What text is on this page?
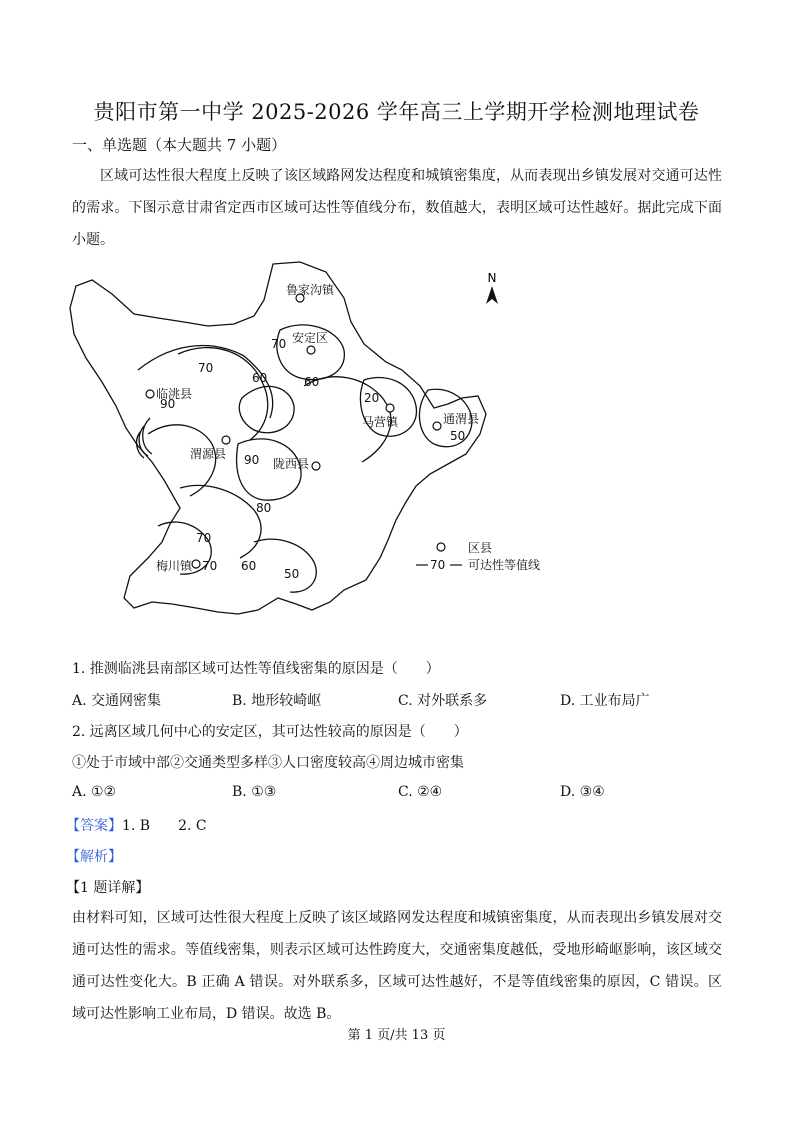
贵阳市第一中学 2025-2026 学年高三上学期开学检测地理试卷
一、单选题（本大题共 7 小题）
区域可达性很大程度上反映了该区域路网发达程度和城镇密集度，从而表现出乡镇发展对交通可达性的需求。下图示意甘肃省定西市区域可达性等值线分布，数值越大，表明区域可达性越好。据此完成下面小题。
N
鲁家沟镇
安定区
临洮县
渭源县
陇西县
马营镇	通渭县
梅川镇
70
70
60	60
90
90
20
50
80
70
70 60
50
区县
70 可达性等值线
1. 推测临洮县南部区域可达性等值线密集的原因是（　　）
A. 交通网密集	B. 地形较崎岖	C. 对外联系多	D. 工业布局广
2. 远离区域几何中心的安定区，其可达性较高的原因是（　　）
①处于市域中部②交通类型多样③人口密度较高④周边城市密集
A. ①②	B. ①③	C. ②④	D. ③④
【答案】1. B　　2. C
【解析】
【1 题详解】
由材料可知，区域可达性很大程度上反映了该区域路网发达程度和城镇密集度，从而表现出乡镇发展对交通可达性的需求。等值线密集，则表示区域可达性跨度大，交通密集度越低，受地形崎岖影响，该区域交通可达性变化大。B 正确 A 错误。对外联系多，区域可达性越好，不是等值线密集的原因，C 错误。区域可达性影响工业布局，D 错误。故选 B。
第 1 页/共 13 页
